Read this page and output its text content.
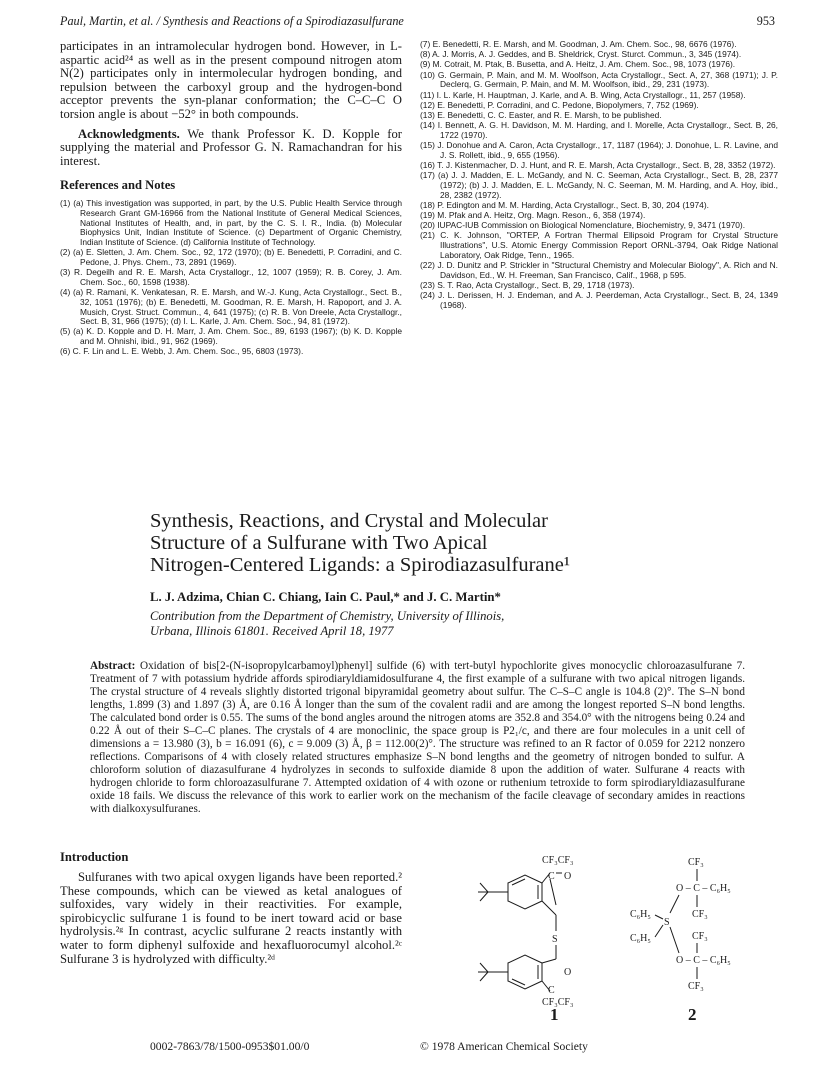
Paul, Martin, et al. / Synthesis and Reactions of a Spirodiazasulfurane	953

participates in an intramolecular hydrogen bond. However, in L-aspartic acid²⁴ as well as in the present compound nitrogen atom N(2) participates only in intermolecular hydrogen bonding, and repulsion between the carboxyl group and the hydrogen-bond acceptor prevents the syn-planar conformation; the C–C–C O torsion angle is about −52° in both compounds.

Acknowledgments. We thank Professor K. D. Kopple for supplying the material and Professor G. N. Ramachandran for his interest.

References and Notes
(1) (a) This investigation was supported, in part, by the U.S. Public Health Service through Research Grant GM-16966 from the National Institute of General Medical Sciences, National Institutes of Health, and, in part, by the C. S. I. R., India. (b) Molecular Biophysics Unit, Indian Institute of Science. (c) Department of Organic Chemistry, Indian Institute of Science. (d) California Institute of Technology.
(2) (a) E. Sletten, J. Am. Chem. Soc., 92, 172 (1970); (b) E. Benedetti, P. Corradini, and C. Pedone, J. Phys. Chem., 73, 2891 (1969).
(3) R. Degeilh and R. E. Marsh, Acta Crystallogr., 12, 1007 (1959); R. B. Corey, J. Am. Chem. Soc., 60, 1598 (1938).
(4) (a) R. Ramani, K. Venkatesan, R. E. Marsh, and W.-J. Kung, Acta Crystallogr., Sect. B., 32, 1051 (1976); (b) E. Benedetti, M. Goodman, R. E. Marsh, H. Rapoport, and J. A. Musich, Cryst. Struct. Commun., 4, 641 (1975); (c) R. B. Von Dreele, Acta Crystallogr., Sect. B, 31, 966 (1975); (d) I. L. Karle, J. Am. Chem. Soc., 94, 81 (1972).
(5) (a) K. D. Kopple and D. H. Marr, J. Am. Chem. Soc., 89, 6193 (1967); (b) K. D. Kopple and M. Ohnishi, ibid., 91, 962 (1969).
(6) C. F. Lin and L. E. Webb, J. Am. Chem. Soc., 95, 6803 (1973).
(7) E. Benedetti, R. E. Marsh, and M. Goodman, J. Am. Chem. Soc., 98, 6676 (1976).
(8) A. J. Morris, A. J. Geddes, and B. Sheldrick, Cryst. Sturct. Commun., 3, 345 (1974).
(9) M. Cotrait, M. Ptak, B. Busetta, and A. Heitz, J. Am. Chem. Soc., 98, 1073 (1976).
(10) G. Germain, P. Main, and M. M. Woolfson, Acta Crystallogr., Sect. A, 27, 368 (1971); J. P. Declerq, G. Germain, P. Main, and M. M. Woolfson, ibid., 29, 231 (1973).
(11) I. L. Karle, H. Hauptman, J. Karle, and A. B. Wing, Acta Crystallogr., 11, 257 (1958).
(12) E. Benedetti, P. Corradini, and C. Pedone, Biopolymers, 7, 752 (1969).
(13) E. Benedetti, C. C. Easter, and R. E. Marsh, to be published.
(14) I. Bennett, A. G. H. Davidson, M. M. Harding, and I. Morelle, Acta Crystallogr., Sect. B, 26, 1722 (1970).
(15) J. Donohue and A. Caron, Acta Crystallogr., 17, 1187 (1964); J. Donohue, L. R. Lavine, and J. S. Rollett, ibid., 9, 655 (1956).
(16) T. J. Kistenmacher, D. J. Hunt, and R. E. Marsh, Acta Crystallogr., Sect. B, 28, 3352 (1972).
(17) (a) J. J. Madden, E. L. McGandy, and N. C. Seeman, Acta Crystallogr., Sect. B, 28, 2377 (1972); (b) J. J. Madden, E. L. McGandy, N. C. Seeman, M. M. Harding, and A. Hoy, ibid., 28, 2382 (1972).
(18) P. Edington and M. M. Harding, Acta Crystallogr., Sect. B, 30, 204 (1974).
(19) M. Pfak and A. Heitz, Org. Magn. Reson., 6, 358 (1974).
(20) IUPAC-IUB Commission on Biological Nomenclature, Biochemistry, 9, 3471 (1970).
(21) C. K. Johnson, "ORTEP, A Fortran Thermal Ellipsoid Program for Crystal Structure Illustrations", U.S. Atomic Energy Commission Report ORNL-3794, Oak Ridge National Laboratory, Oak Ridge, Tenn., 1965.
(22) J. D. Dunitz and P. Strickler in "Structural Chemistry and Molecular Biology", A. Rich and N. Davidson, Ed., W. H. Freeman, San Francisco, Calif., 1968, p 595.
(23) S. T. Rao, Acta Crystallogr., Sect. B, 29, 1718 (1973).
(24) J. L. Derissen, H. J. Endeman, and A. J. Peerdeman, Acta Crystallogr., Sect. B, 24, 1349 (1968).
Synthesis, Reactions, and Crystal and Molecular
Structure of a Sulfurane with Two Apical
Nitrogen-Centered Ligands: a Spirodiazasulfurane¹
L. J. Adzima, Chian C. Chiang, Iain C. Paul,* and J. C. Martin*
Contribution from the Department of Chemistry, University of Illinois,
Urbana, Illinois 61801. Received April 18, 1977
Abstract: Oxidation of bis[2-(N-isopropylcarbamoyl)phenyl] sulfide (6) with tert-butyl hypochlorite gives monocyclic chloroazasulfurane 7. Treatment of 7 with potassium hydride affords spirodiaryldiamidosulfurane 4, the first example of a sulfurane with two apical nitrogen ligands. The crystal structure of 4 reveals slightly distorted trigonal bipyramidal geometry about sulfur. The C–S–C angle is 104.8 (2)°. The S–N bond lengths, 1.899 (3) and 1.897 (3) Å, are 0.16 Å longer than the sum of the covalent radii and are among the longest reported S–N bond lengths. The calculated bond order is 0.55. The sums of the bond angles around the nitrogen atoms are 352.8 and 354.0° with the nitrogens being 0.24 and 0.22 Å out of their S–C–C planes. The crystals of 4 are monoclinic, the space group is P2₁/c, and there are four molecules in a unit cell of dimensions a = 13.980 (3), b = 16.091 (6), c = 9.009 (3) Å, β = 112.00(2)°. The structure was refined to an R factor of 0.059 for 2212 nonzero reflections. Comparisons of 4 with closely related structures emphasize S–N bond lengths and the geometry of nitrogen bonded to sulfur. A chloroform solution of diazasulfurane 4 hydrolyzes in seconds to sulfoxide diamide 8 upon the addition of water. Sulfurane 4 reacts with hydrogen chloride to form chloroazasulfurane 7. Attempted oxidation of 4 with ozone or ruthenium tetroxide to form spirodiaryldiazasulfurane oxide 18 fails. We discuss the relevance of this work to earlier work on the mechanism of the facile cleavage of secondary amides in reactions with dialkoxysulfuranes.
Introduction

Sulfuranes with two apical oxygen ligands have been reported.² These compounds, which can be viewed as ketal analogues of sulfoxides, vary widely in their reactivities. For example, spirobicyclic sulfurane 1 is found to be inert toward acid or base hydrolysis.²ᵍ In contrast, acyclic sulfurane 2 reacts instantly with water to form diphenyl sulfoxide and hexafluorocumyl alcohol.²ᶜ Sulfurane 3 is hydrolyzed with difficulty.²ᵈ

CF₃CF₃
C O
S
C
O
CF₃CF₃
1
CF₃
O – C – C₆H₅
C₆H₅
S
CF₃
C₆H₅	CF₃
O – C – C₆H₅
CF₃
2
0002-7863/78/1500-0953$01.00/0	© 1978 American Chemical Society
